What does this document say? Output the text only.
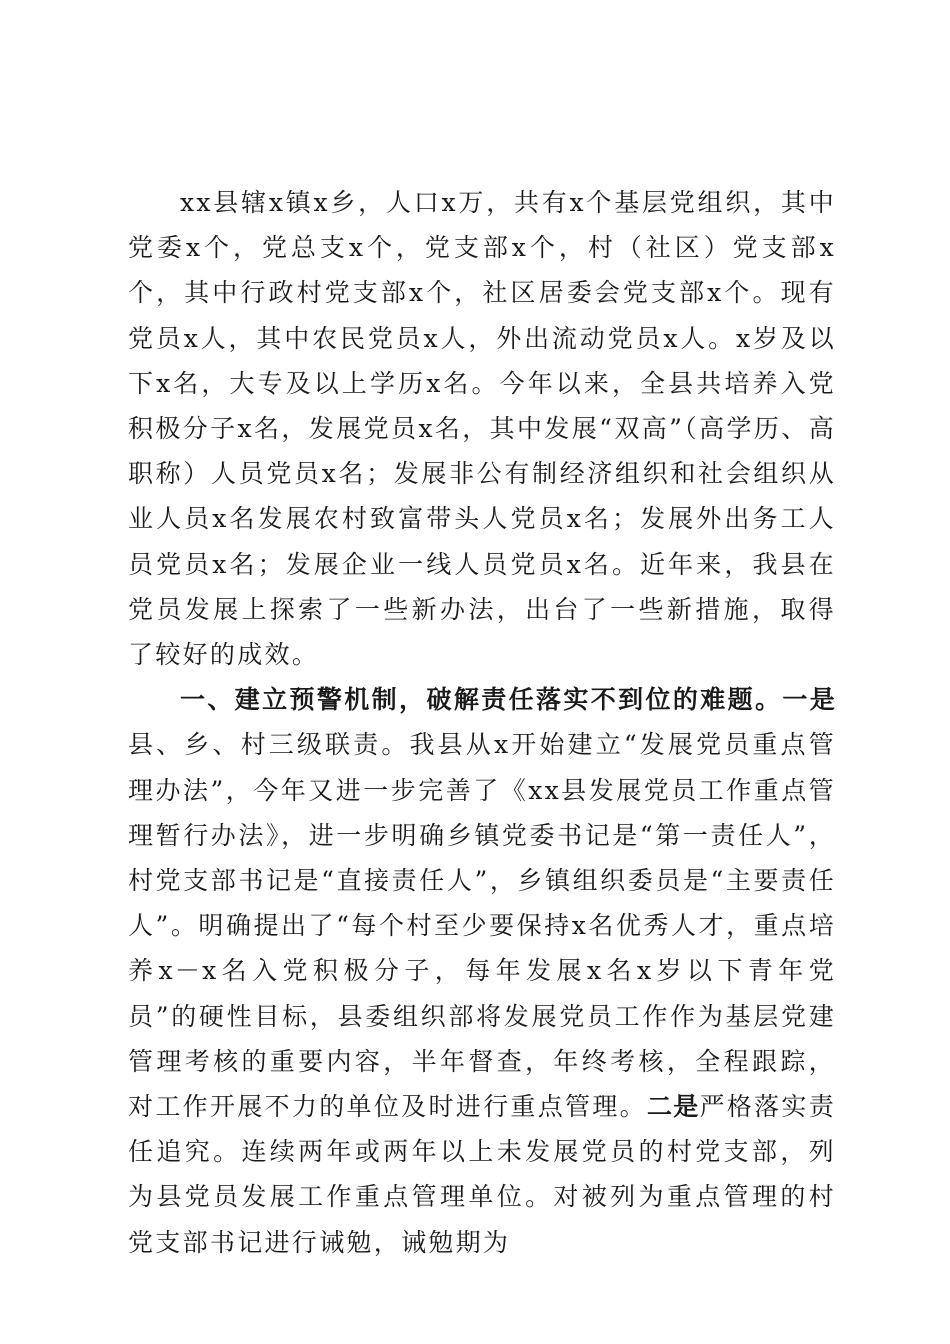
xx县辖x镇x乡，人口x万，共有x个基层党组织，其中党委x个，党总支x个，党支部x个，村（社区）党支部x个，其中行政村党支部x个，社区居委会党支部x个。现有党员x人，其中农民党员x人，外出流动党员x人。x岁及以下x名，大专及以上学历x名。今年以来，全县共培养入党积极分子x名，发展党员x名，其中发展“双高”（高学历、高职称）人员党员x名；发展非公有制经济组织和社会组织从业人员x名发展农村致富带头人党员x名；发展外出务工人员党员x名；发展企业一线人员党员x名。近年来，我县在党员发展上探索了一些新办法，出台了一些新措施，取得了较好的成效。

一、建立预警机制，破解责任落实不到位的难题。一是县、乡、村三级联责。我县从x开始建立“发展党员重点管理办法”，今年又进一步完善了《xx县发展党员工作重点管理暂行办法》，进一步明确乡镇党委书记是“第一责任人”，村党支部书记是“直接责任人”，乡镇组织委员是“主要责任人”。明确提出了“每个村至少要保持x名优秀人才，重点培养x－x名入党积极分子，每年发展x名x岁以下青年党员”的硬性目标，县委组织部将发展党员工作作为基层党建管理考核的重要内容，半年督查，年终考核，全程跟踪，对工作开展不力的单位及时进行重点管理。二是严格落实责任追究。连续两年或两年以上未发展党员的村党支部，列为县党员发展工作重点管理单位。对被列为重点管理的村党支部书记进行诫勉，诫勉期为
